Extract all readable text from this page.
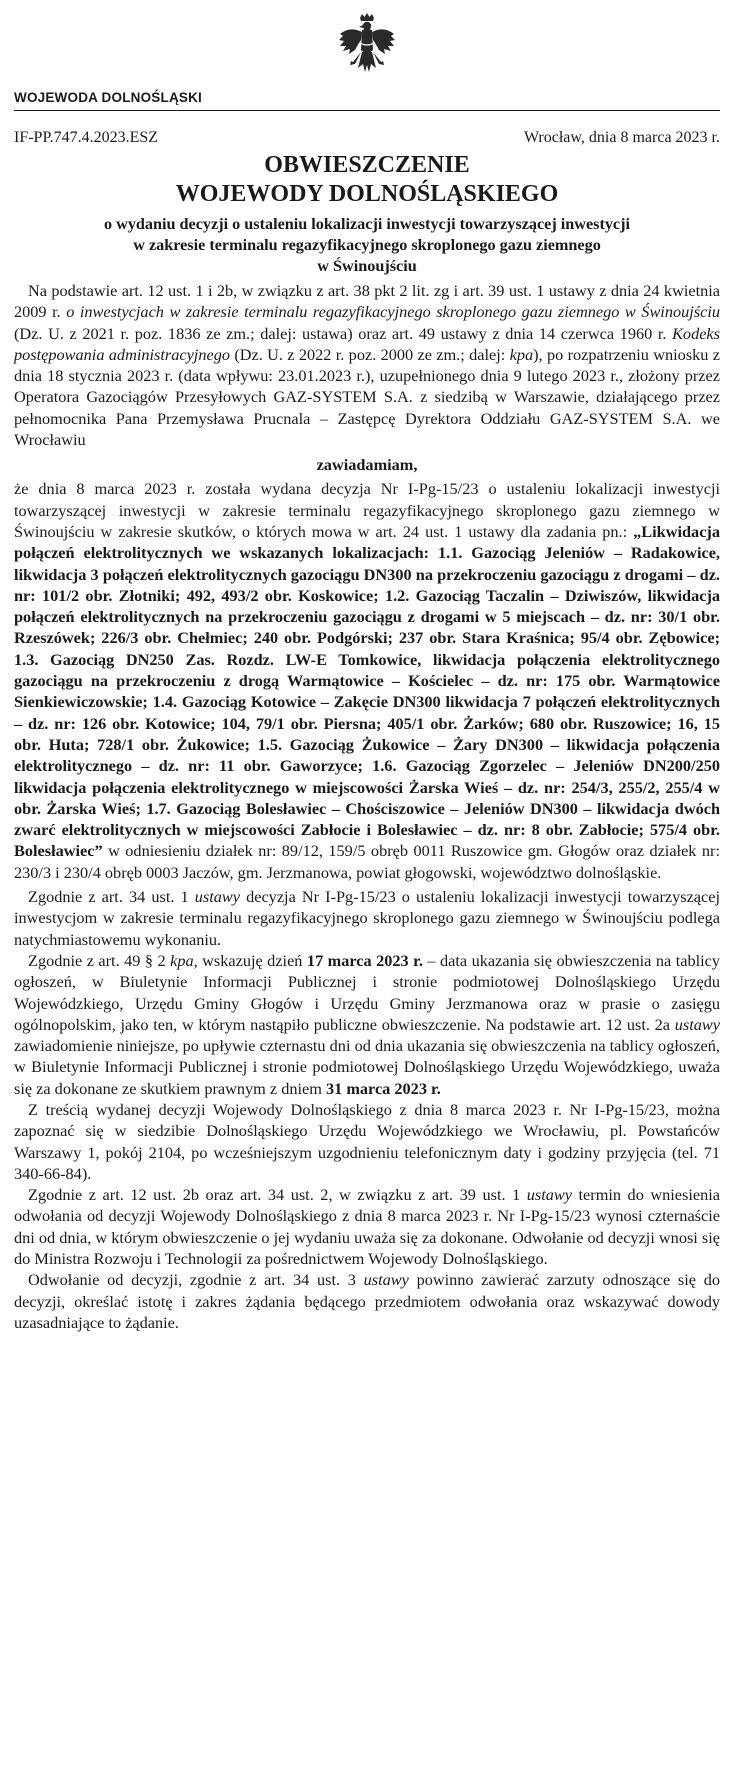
WOJEWODA DOLNOŚLĄSKI
IF-PP.747.4.2023.ESZ	Wrocław, dnia 8 marca 2023 r.
OBWIESZCZENIE
WOJEWODY DOLNOŚLĄSKIEGO
o wydaniu decyzji o ustaleniu lokalizacji inwestycji towarzyszącej inwestycji
w zakresie terminalu regazyfikacyjnego skroplonego gazu ziemnego
w Świnoujściu

Na podstawie art. 12 ust. 1 i 2b, w związku z art. 38 pkt 2 lit. zg i art. 39 ust. 1 ustawy z dnia 24 kwietnia 2009 r. o inwestycjach w zakresie terminalu regazyfikacyjnego skroplonego gazu ziemnego w Świnoujściu (Dz. U. z 2021 r. poz. 1836 ze zm.; dalej: ustawa) oraz art. 49 ustawy z dnia 14 czerwca 1960 r. Kodeks postępowania administracyjnego (Dz. U. z 2022 r. poz. 2000 ze zm.; dalej: kpa), po rozpatrzeniu wniosku z dnia 18 stycznia 2023 r. (data wpływu: 23.01.2023 r.), uzupełnionego dnia 9 lutego 2023 r., złożony przez Operatora Gazociągów Przesyłowych GAZ-SYSTEM S.A. z siedzibą w Warszawie, działającego przez pełnomocnika Pana Przemysława Prucnala – Zastępcę Dyrektora Oddziału GAZ-SYSTEM S.A. we Wrocławiu

zawiadamiam,

że dnia 8 marca 2023 r. została wydana decyzja Nr I-Pg-15/23 o ustaleniu lokalizacji inwestycji towarzyszącej inwestycji w zakresie terminalu regazyfikacyjnego skroplonego gazu ziemnego w Świnoujściu w zakresie skutków, o których mowa w art. 24 ust. 1 ustawy dla zadania pn.: „Likwidacja połączeń elektrolitycznych we wskazanych lokalizacjach: 1.1. Gazociąg Jeleniów – Radakowice, likwidacja 3 połączeń elektrolitycznych gazociągu DN300 na przekroczeniu gazociągu z drogami – dz. nr: 101/2 obr. Złotniki; 492, 493/2 obr. Koskowice; 1.2. Gazociąg Taczalin – Dziwiszów, likwidacja połączeń elektrolitycznych na przekroczeniu gazociągu z drogami w 5 miejscach – dz. nr: 30/1 obr. Rzeszówek; 226/3 obr. Chełmiec; 240 obr. Podgórski; 237 obr. Stara Kraśnica; 95/4 obr. Zębowice; 1.3. Gazociąg DN250 Zas. Rozdz. LW-E Tomkowice, likwidacja połączenia elektrolitycznego gazociągu na przekroczeniu z drogą Warmątowice – Kościelec – dz. nr: 175 obr. Warmątowice Sienkiewiczowskie; 1.4. Gazociąg Kotowice – Zakęcie DN300 likwidacja 7 połączeń elektrolitycznych – dz. nr: 126 obr. Kotowice; 104, 79/1 obr. Piersna; 405/1 obr. Żarków; 680 obr. Ruszowice; 16, 15 obr. Huta; 728/1 obr. Żukowice; 1.5. Gazociąg Żukowice – Żary DN300 – likwidacja połączenia elektrolitycznego – dz. nr: 11 obr. Gaworzyce; 1.6. Gazociąg Zgorzelec – Jeleniów DN200/250 likwidacja połączenia elektrolitycznego w miejscowości Żarska Wieś – dz. nr: 254/3, 255/2, 255/4 w obr. Żarska Wieś; 1.7. Gazociąg Bolesławiec – Chościszowice – Jeleniów DN300 – likwidacja dwóch zwarć elektrolitycznych w miejscowości Zabłocie i Bolesławiec – dz. nr: 8 obr. Zabłocie; 575/4 obr. Bolesławiec” w odniesieniu działek nr: 89/12, 159/5 obręb 0011 Ruszowice gm. Głogów oraz działek nr: 230/3 i 230/4 obręb 0003 Jaczów, gm. Jerzmanowa, powiat głogowski, województwo dolnośląskie.

Zgodnie z art. 34 ust. 1 ustawy decyzja Nr I-Pg-15/23 o ustaleniu lokalizacji inwestycji towarzyszącej inwestycjom w zakresie terminalu regazyfikacyjnego skroplonego gazu ziemnego w Świnoujściu podlega natychmiastowemu wykonaniu.

Zgodnie z art. 49 § 2 kpa, wskazuję dzień 17 marca 2023 r. – data ukazania się obwieszczenia na tablicy ogłoszeń, w Biuletynie Informacji Publicznej i stronie podmiotowej Dolnośląskiego Urzędu Wojewódzkiego, Urzędu Gminy Głogów i Urzędu Gminy Jerzmanowa oraz w prasie o zasięgu ogólnopolskim, jako ten, w którym nastąpiło publiczne obwieszczenie. Na podstawie art. 12 ust. 2a ustawy zawiadomienie niniejsze, po upływie czternastu dni od dnia ukazania się obwieszczenia na tablicy ogłoszeń, w Biuletynie Informacji Publicznej i stronie podmiotowej Dolnośląskiego Urzędu Wojewódzkiego, uważa się za dokonane ze skutkiem prawnym z dniem 31 marca 2023 r.

Z treścią wydanej decyzji Wojewody Dolnośląskiego z dnia 8 marca 2023 r. Nr I-Pg-15/23, można zapoznać się w siedzibie Dolnośląskiego Urzędu Wojewódzkiego we Wrocławiu, pl. Powstańców Warszawy 1, pokój 2104, po wcześniejszym uzgodnieniu telefonicznym daty i godziny przyjęcia (tel. 71 340-66-84).

Zgodnie z art. 12 ust. 2b oraz art. 34 ust. 2, w związku z art. 39 ust. 1 ustawy termin do wniesienia odwołania od decyzji Wojewody Dolnośląskiego z dnia 8 marca 2023 r. Nr I-Pg-15/23 wynosi czternaście dni od dnia, w którym obwieszczenie o jej wydaniu uważa się za dokonane. Odwołanie od decyzji wnosi się do Ministra Rozwoju i Technologii za pośrednictwem Wojewody Dolnośląskiego.

Odwołanie od decyzji, zgodnie z art. 34 ust. 3 ustawy powinno zawierać zarzuty odnoszące się do decyzji, określać istotę i zakres żądania będącego przedmiotem odwołania oraz wskazywać dowody uzasadniające to żądanie.
